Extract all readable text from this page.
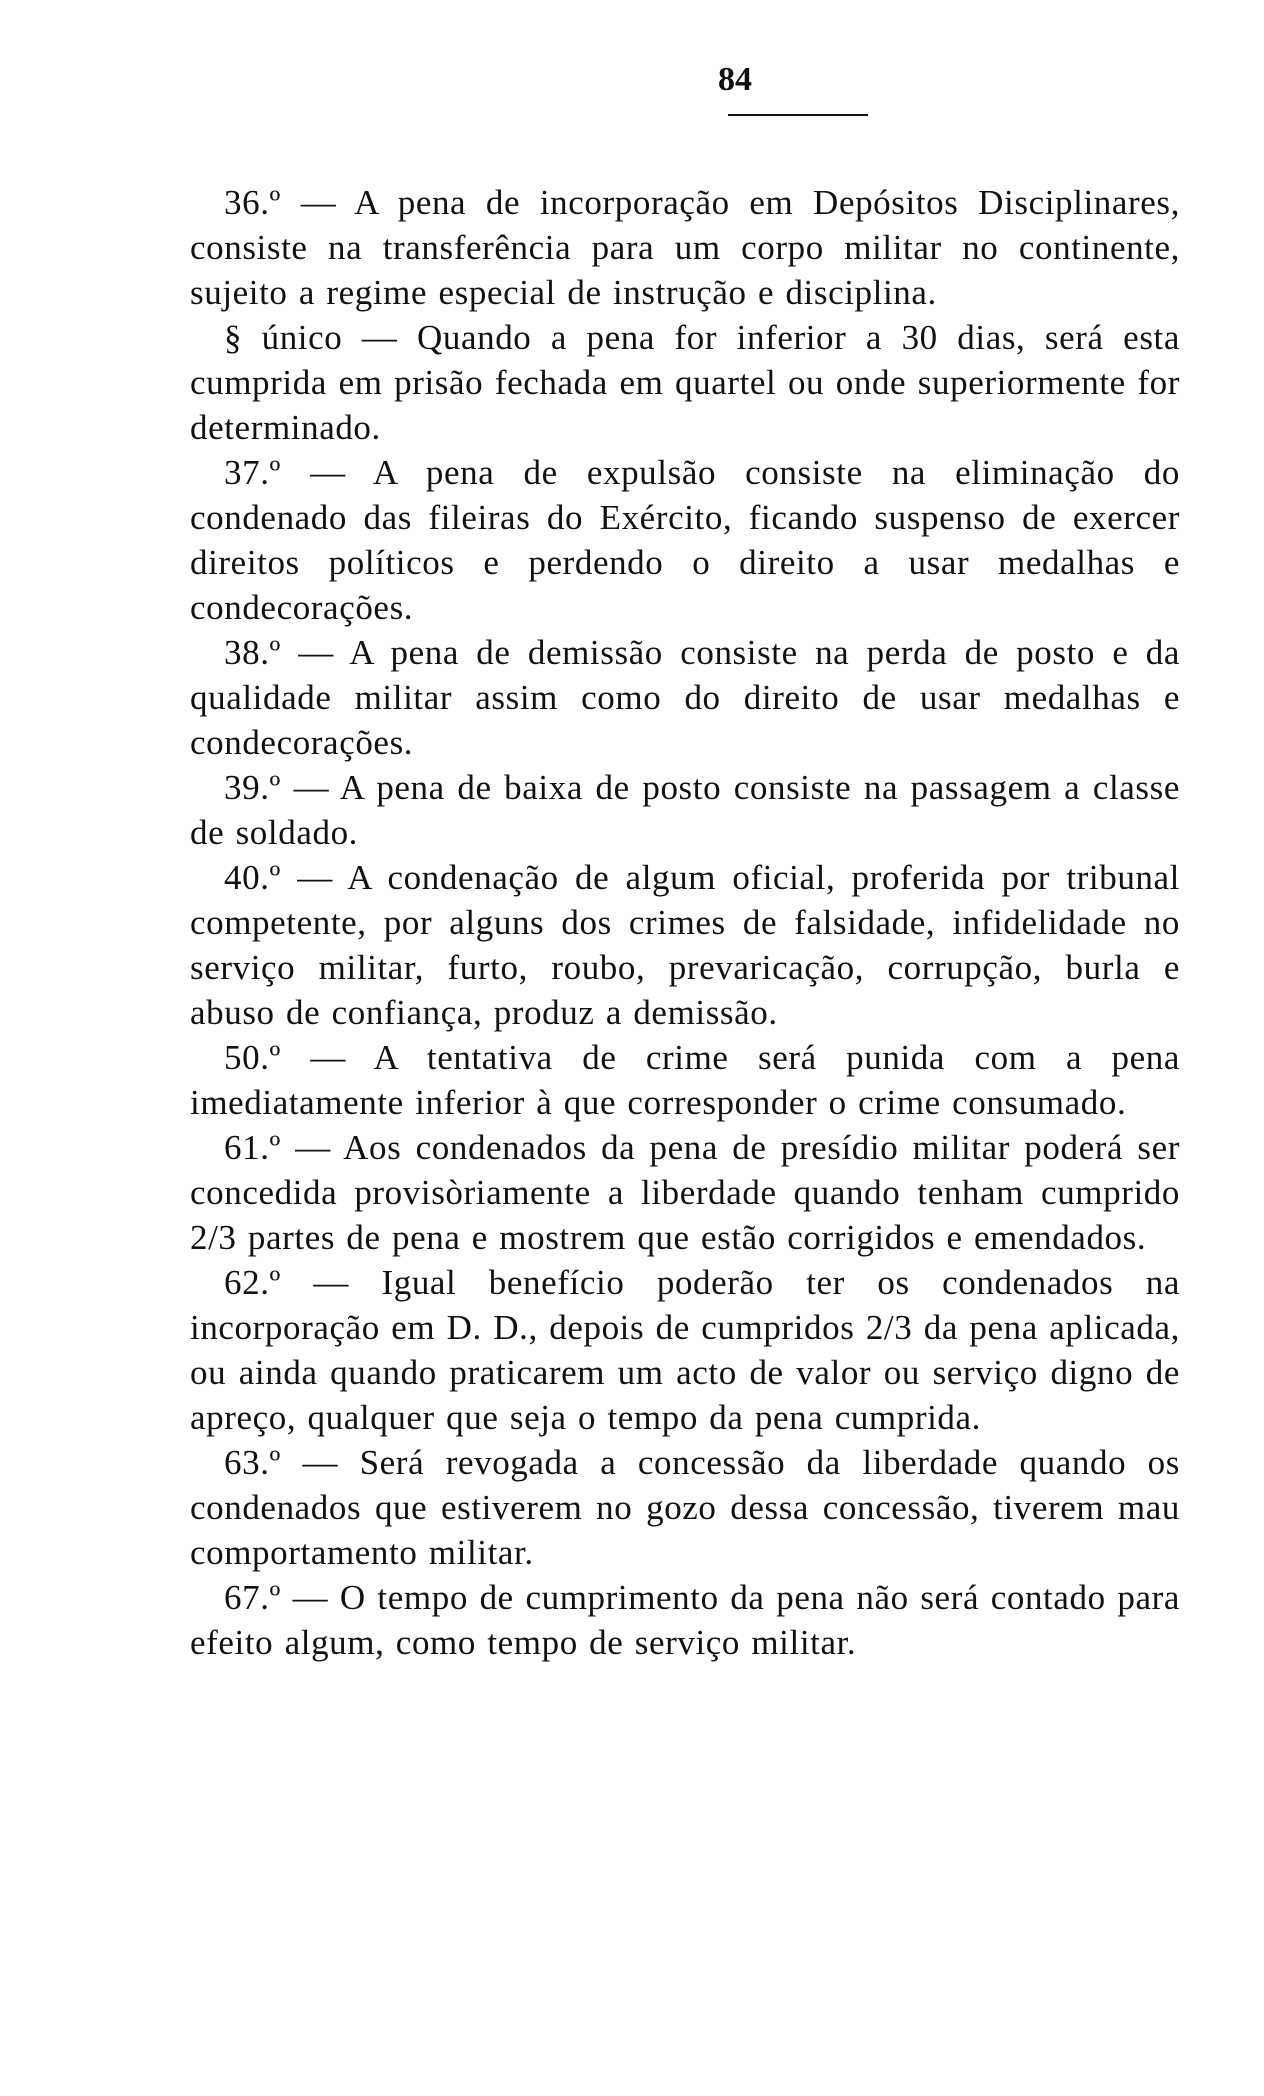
84

36.º — A pena de incorporação em Depósitos Disciplinares, consiste na transferência para um corpo militar no continente, sujeito a regime especial de instrução e disciplina.

§ único — Quando a pena for inferior a 30 dias, será esta cumprida em prisão fechada em quartel ou onde superiormente for determinado.

37.º — A pena de expulsão consiste na eliminação do condenado das fileiras do Exército, ficando suspenso de exercer direitos políticos e perdendo o direito a usar medalhas e condecorações.

38.º — A pena de demissão consiste na perda de posto e da qualidade militar assim como do direito de usar medalhas e condecorações.

39.º — A pena de baixa de posto consiste na passagem a classe de soldado.

40.º — A condenação de algum oficial, proferida por tribunal competente, por alguns dos crimes de falsidade, infidelidade no serviço militar, furto, roubo, prevaricação, corrupção, burla e abuso de confiança, produz a demissão.

50.º — A tentativa de crime será punida com a pena imediatamente inferior à que corresponder o crime consumado.

61.º — Aos condenados da pena de presídio militar poderá ser concedida provisòriamente a liberdade quando tenham cumprido 2/3 partes de pena e mostrem que estão corrigidos e emendados.

62.º — Igual benefício poderão ter os condenados na incorporação em D. D., depois de cumpridos 2/3 da pena aplicada, ou ainda quando praticarem um acto de valor ou serviço digno de apreço, qualquer que seja o tempo da pena cumprida.

63.º — Será revogada a concessão da liberdade quando os condenados que estiverem no gozo dessa concessão, tiverem mau comportamento militar.

67.º — O tempo de cumprimento da pena não será contado para efeito algum, como tempo de serviço militar.
